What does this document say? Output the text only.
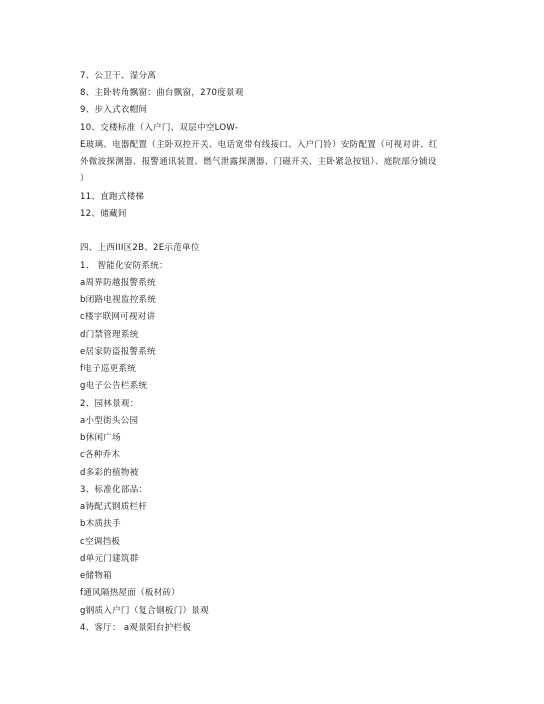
7、公卫干、湿分离
8、主卧转角飘窗：曲台飘窗，270度景观
9、步入式衣帽间
10、交楼标准（入户门、双层中空LOW-
E玻璃、电器配置（主卧双控开关、电话宽带有线接口、入户门铃）安防配置（可视对讲、红
外微波探测器、报警通讯装置、燃气泄露探测器、门磁开关、主卧紧急按钮）、庭院部分铺设
）
11、直跑式楼梯
12、储藏间
四、上西III区2B、2E示范单位
1、 智能化安防系统：
a周界防越报警系统
b闭路电视监控系统
c楼宇联网可视对讲
d门禁管理系统
e居家防盗报警系统
f电子巡更系统
g电子公告栏系统
2、园林景观：
a小型街头公园
b休闲广场
c各种乔木
d多彩的植物被
3、标准化部品：
a铸配式钢质栏杆
b木质扶手
c空调挡板
d单元门建筑群
e储物箱
f通风隔热屋面（板材砖）
g钢质入户门（复合钢板门）景观
4、客厅： a观景阳台护栏板
